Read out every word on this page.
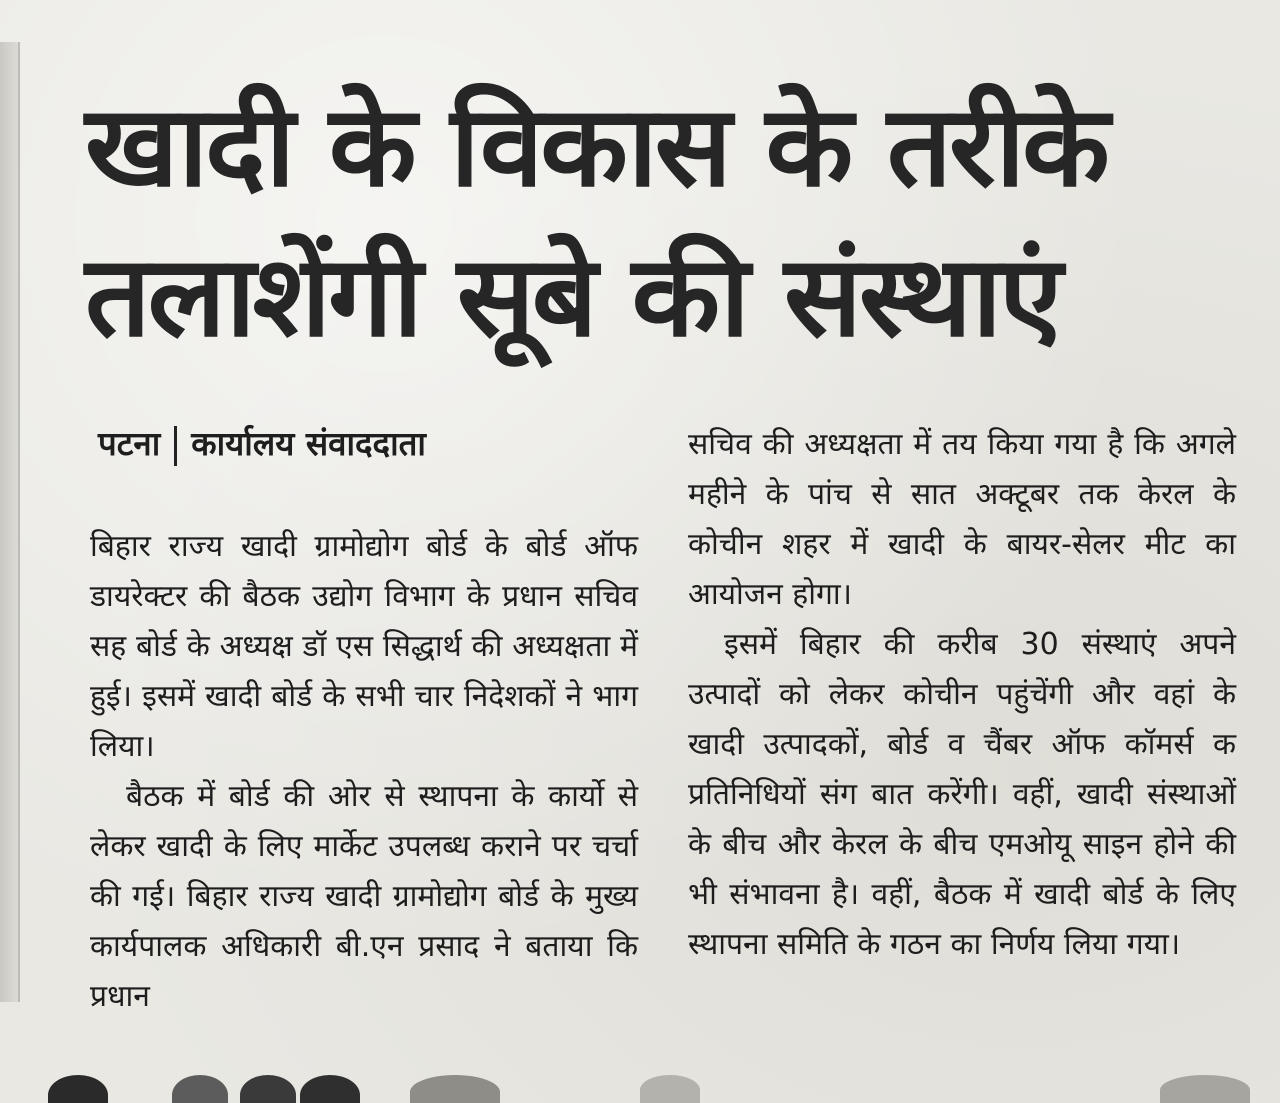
खादी के विकास के तरीके
तलाशेंगी सूबे की संस्थाएं
पटना कार्यालय संवाददाता

बिहार राज्य खादी ग्रामोद्योग बोर्ड के बोर्ड ऑफ डायरेक्टर की बैठक उद्योग विभाग के प्रधान सचिव सह बोर्ड के अध्यक्ष डॉ एस सिद्धार्थ की अध्यक्षता में हुई। इसमें खादी बोर्ड के सभी चार निदेशकों ने भाग लिया।

बैठक में बोर्ड की ओर से स्थापना के कार्यो से लेकर खादी के लिए मार्केट उपलब्ध कराने पर चर्चा की गई। बिहार राज्य खादी ग्रामोद्योग बोर्ड के मुख्य कार्यपालक अधिकारी बी.एन प्रसाद ने बताया कि प्रधान

सचिव की अध्यक्षता में तय किया गया है कि अगले महीने के पांच से सात अक्टूबर तक केरल के कोचीन शहर में खादी के बायर-सेलर मीट का आयोजन होगा।

इसमें बिहार की करीब 30 संस्थाएं अपने उत्पादों को लेकर कोचीन पहुंचेंगी और वहां के खादी उत्पादकों, बोर्ड व चैंबर ऑफ कॉमर्स क प्रतिनिधियों संग बात करेंगी। वहीं, खादी संस्थाओं के बीच और केरल के बीच एमओयू साइन होने की भी संभावना है। वहीं, बैठक में खादी बोर्ड के लिए स्थापना समिति के गठन का निर्णय लिया गया।
